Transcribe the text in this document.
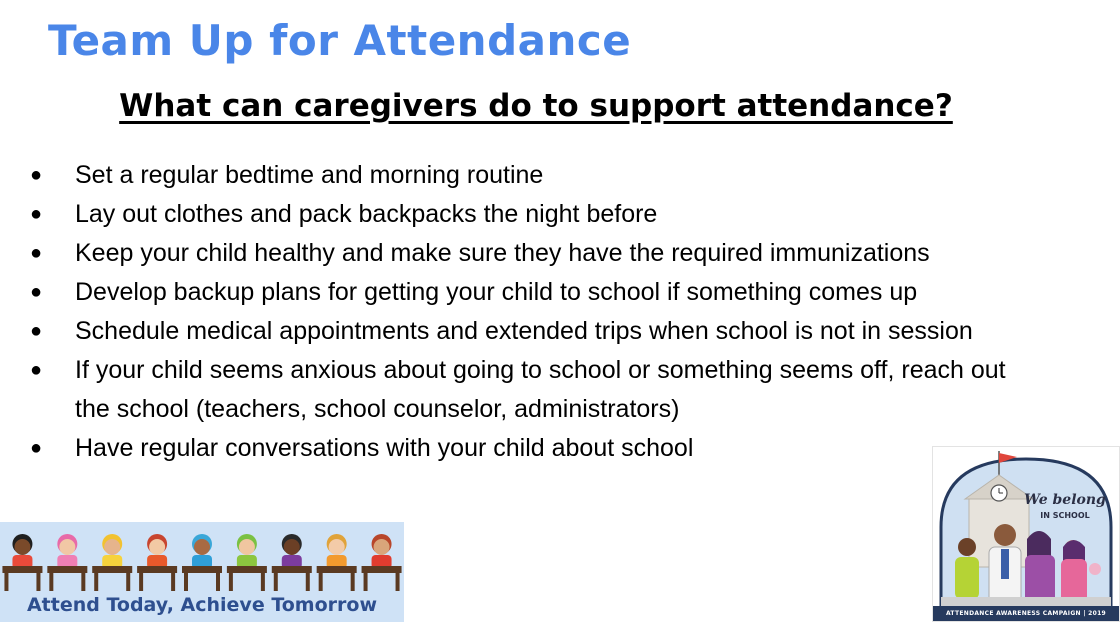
Team Up for Attendance
What can caregivers do to support attendance?
● Set a regular bedtime and morning routine
● Lay out clothes and pack backpacks the night before
● Keep your child healthy and make sure they have the required immunizations
● Develop backup plans for getting your child to school if something comes up
● Schedule medical appointments and extended trips when school is not in session
● If your child seems anxious about going to school or something seems off, reach out the school (teachers, school counselor, administrators)
● Have regular conversations with your child about school
Attend Today, Achieve Tomorrow
We belong
IN SCHOOL
ATTENDANCE AWARENESS CAMPAIGN | 2019
